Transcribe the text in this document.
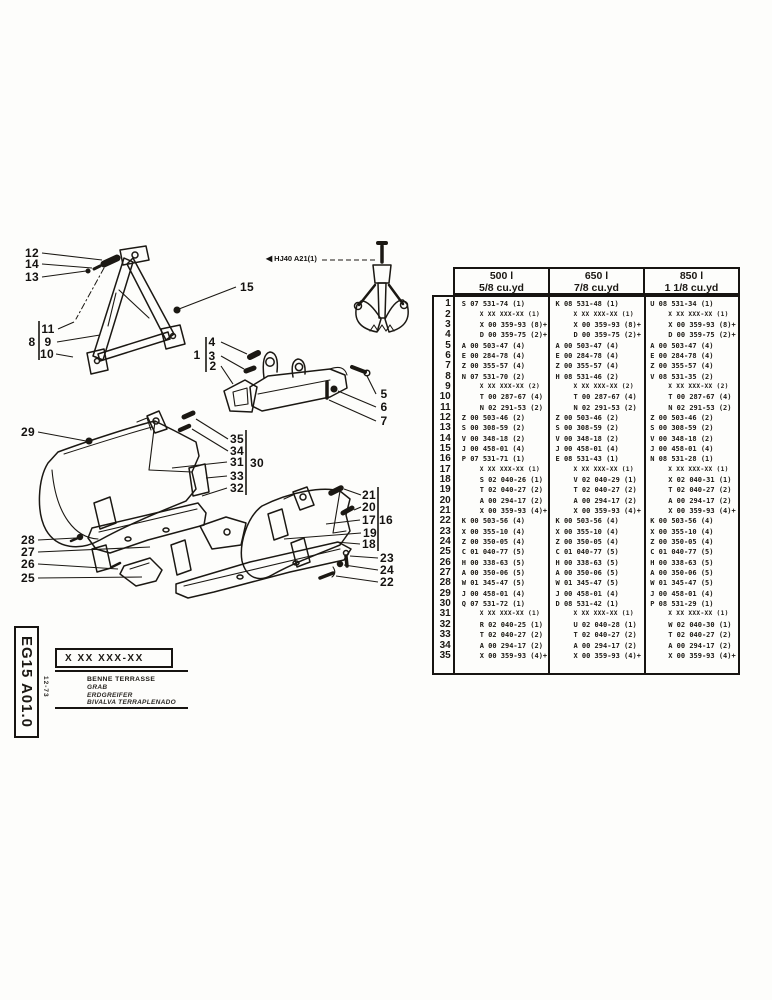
12
14
13
15
8
11
9
10	1
4
3
2
5
6
7
29	35
34
31 30
33
32
28
27
26
25
21
20
17 16
19
18
23
24
22
◀ HJ40 A21(1)
500 l
5/8 cu.yd
650 l
7/8 cu.yd
850 l
1 1/8 cu.yd
1	S 07 531-74 (1)	K 08 531-48 (1)	U 08 531-34 (1)
2	X XX XXX-XX (1)	X XX XXX-XX (1)	X XX XXX-XX (1)
3	X 00 359-93 (8)+	X 00 359-93 (8)+	X 00 359-93 (8)+
4	D 00 359-75 (2)+	D 00 359-75 (2)+	D 00 359-75 (2)+
5	A 00 503-47 (4)	A 00 503-47 (4)	A 00 503-47 (4)
6	E 00 284-78 (4)	E 00 284-78 (4)	E 00 284-78 (4)
7	Z 00 355-57 (4)	Z 00 355-57 (4)	Z 00 355-57 (4)
8	N 07 531-70 (2)	H 08 531-46 (2)	V 08 531-35 (2)
9	X XX XXX-XX (2)	X XX XXX-XX (2)	X XX XXX-XX (2)
10	T 00 287-67 (4)	T 00 287-67 (4)	T 00 287-67 (4)
11	N 02 291-53 (2)	N 02 291-53 (2)	N 02 291-53 (2)
12	Z 00 503-46 (2)	Z 00 503-46 (2)	Z 00 503-46 (2)
13	S 00 308-59 (2)	S 00 308-59 (2)	S 00 308-59 (2)
14	V 00 348-18 (2)	V 00 348-18 (2)	V 00 348-18 (2)
15	J 00 458-01 (4)	J 00 458-01 (4)	J 00 458-01 (4)
16	P 07 531-71 (1)	E 08 531-43 (1)	N 08 531-28 (1)
17	X XX XXX-XX (1)	X XX XXX-XX (1)	X XX XXX-XX (1)
18	S 02 040-26 (1)	V 02 040-29 (1)	X 02 040-31 (1)
19	T 02 040-27 (2)	T 02 040-27 (2)	T 02 040-27 (2)
20	A 00 294-17 (2)	A 00 294-17 (2)	A 00 294-17 (2)
21	X 00 359-93 (4)+	X 00 359-93 (4)+	X 00 359-93 (4)+
22	K 00 503-56 (4)	K 00 503-56 (4)	K 00 503-56 (4)
23	X 00 355-10 (4)	X 00 355-10 (4)	X 00 355-10 (4)
24	Z 00 350-05 (4)	Z 00 350-05 (4)	Z 00 350-05 (4)
25	C 01 040-77 (5)	C 01 040-77 (5)	C 01 040-77 (5)
26	H 00 338-63 (5)	H 00 338-63 (5)	H 00 338-63 (5)
27	A 00 350-06 (5)	A 00 350-06 (5)	A 00 350-06 (5)
28	W 01 345-47 (5)	W 01 345-47 (5)	W 01 345-47 (5)
29	J 00 458-01 (4)	J 00 458-01 (4)	J 00 458-01 (4)
30	Q 07 531-72 (1)	D 08 531-42 (1)	P 08 531-29 (1)
31	X XX XXX-XX (1)	X XX XXX-XX (1)	X XX XXX-XX (1)
32	R 02 040-25 (1)	U 02 040-28 (1)	W 02 040-30 (1)
33	T 02 040-27 (2)	T 02 040-27 (2)	T 02 040-27 (2)
34	A 00 294-17 (2)	A 00 294-17 (2)	A 00 294-17 (2)
35	X 00 359-93 (4)+	X 00 359-93 (4)+	X 00 359-93 (4)+
EG15 A01.0 12-73
X XX XXX-XX
BENNE TERRASSE
GRAB
ERDGREIFER
BIVALVA TERRAPLENADO
